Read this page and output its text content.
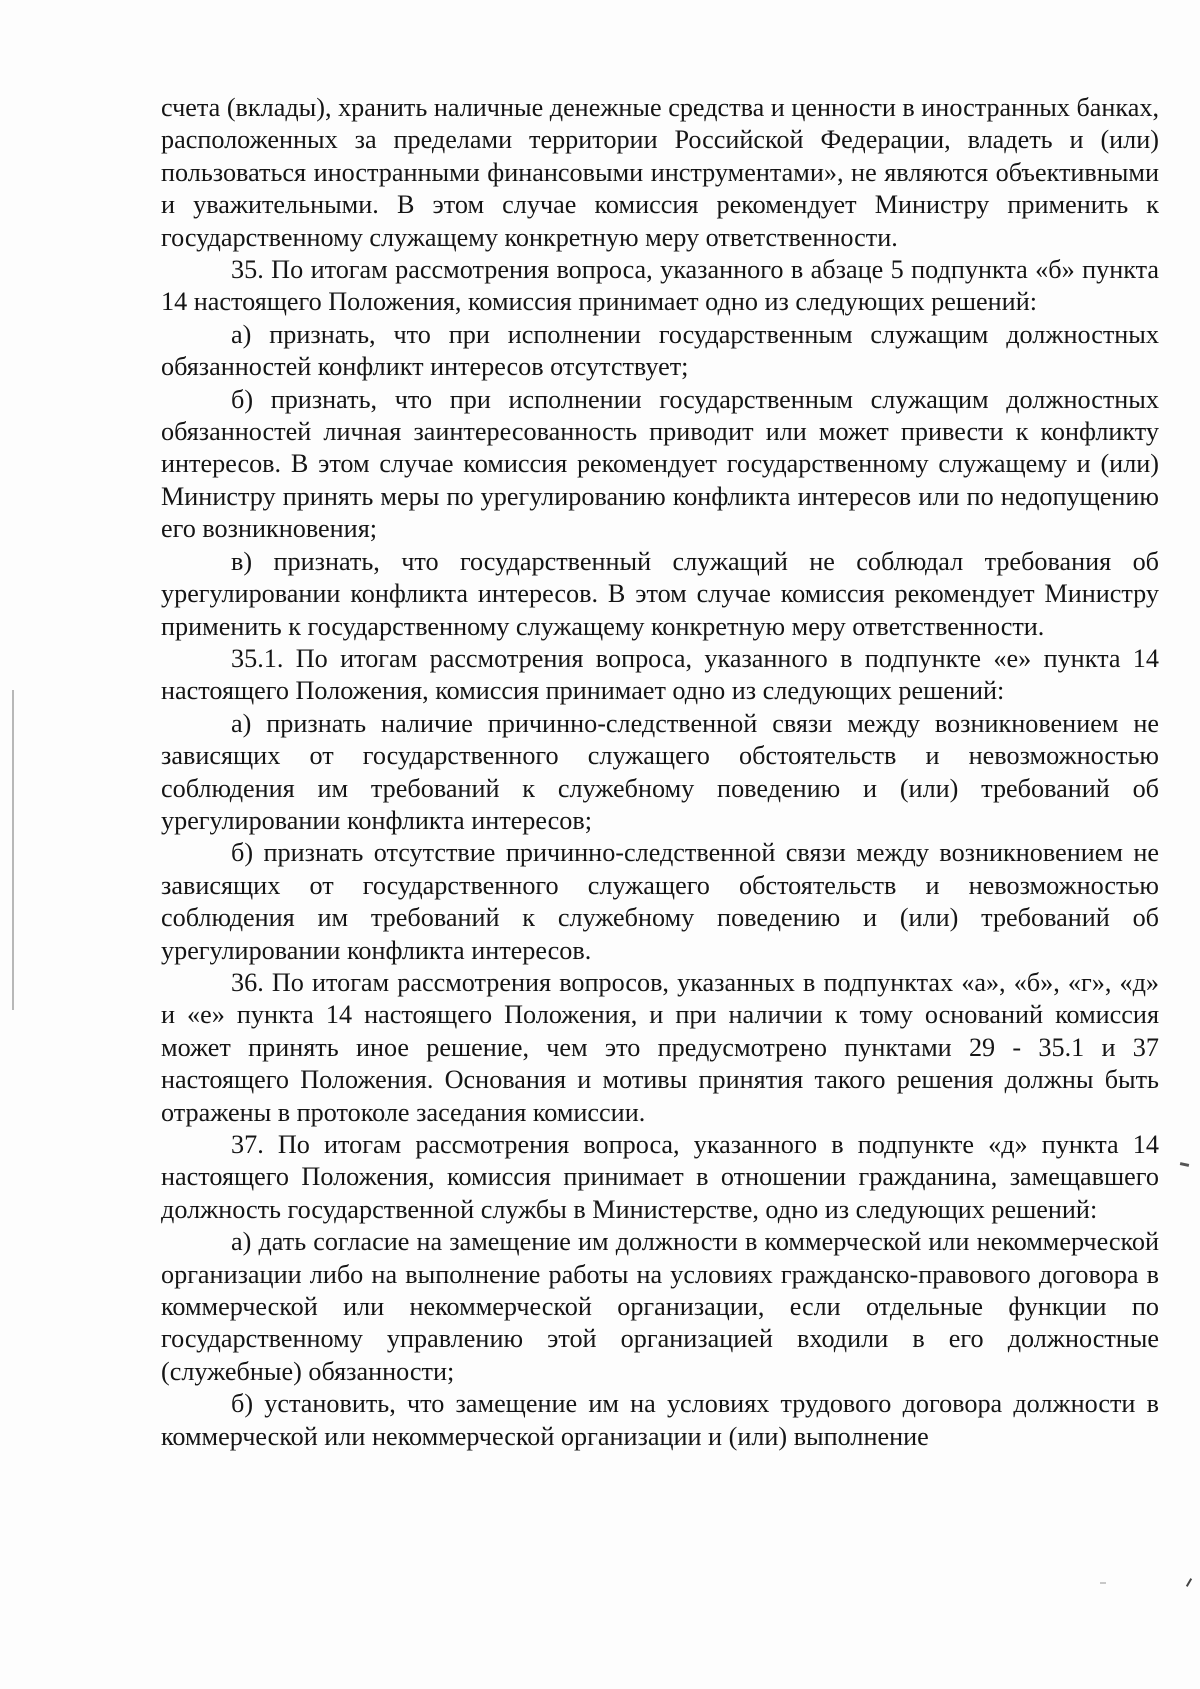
счета (вклады), хранить наличные денежные средства и ценности в иностранных банках, расположенных за пределами территории Российской Федерации, владеть и (или) пользоваться иностранными финансовыми инструментами», не являются объективными и уважительными. В этом случае комиссия рекомендует Министру применить к государственному служащему конкретную меру ответственности.

35. По итогам рассмотрения вопроса, указанного в абзаце 5 подпункта «б» пункта 14 настоящего Положения, комиссия принимает одно из следующих решений:

а) признать, что при исполнении государственным служащим должностных обязанностей конфликт интересов отсутствует;

б) признать, что при исполнении государственным служащим должностных обязанностей личная заинтересованность приводит или может привести к конфликту интересов. В этом случае комиссия рекомендует государственному служащему и (или) Министру принять меры по урегулированию конфликта интересов или по недопущению его возникновения;

в) признать, что государственный служащий не соблюдал требования об урегулировании конфликта интересов. В этом случае комиссия рекомендует Министру применить к государственному служащему конкретную меру ответственности.

35.1. По итогам рассмотрения вопроса, указанного в подпункте «е» пункта 14 настоящего Положения, комиссия принимает одно из следующих решений:

а) признать наличие причинно-следственной связи между возникновением не зависящих от государственного служащего обстоятельств и невозможностью соблюдения им требований к служебному поведению и (или) требований об урегулировании конфликта интересов;

б) признать отсутствие причинно-следственной связи между возникновением не зависящих от государственного служащего обстоятельств и невозможностью соблюдения им требований к служебному поведению и (или) требований об урегулировании конфликта интересов.

36. По итогам рассмотрения вопросов, указанных в подпунктах «а», «б», «г», «д» и «е» пункта 14 настоящего Положения, и при наличии к тому оснований комиссия может принять иное решение, чем это предусмотрено пунктами 29 - 35.1 и 37 настоящего Положения. Основания и мотивы принятия такого решения должны быть отражены в протоколе заседания комиссии.

37. По итогам рассмотрения вопроса, указанного в подпункте «д» пункта 14 настоящего Положения, комиссия принимает в отношении гражданина, замещавшего должность государственной службы в Министерстве, одно из следующих решений:

а) дать согласие на замещение им должности в коммерческой или некоммерческой организации либо на выполнение работы на условиях гражданско-правового договора в коммерческой или некоммерческой организации, если отдельные функции по государственному управлению этой организацией входили в его должностные (служебные) обязанности;

б) установить, что замещение им на условиях трудового договора должности в коммерческой или некоммерческой организации и (или) выполнение
